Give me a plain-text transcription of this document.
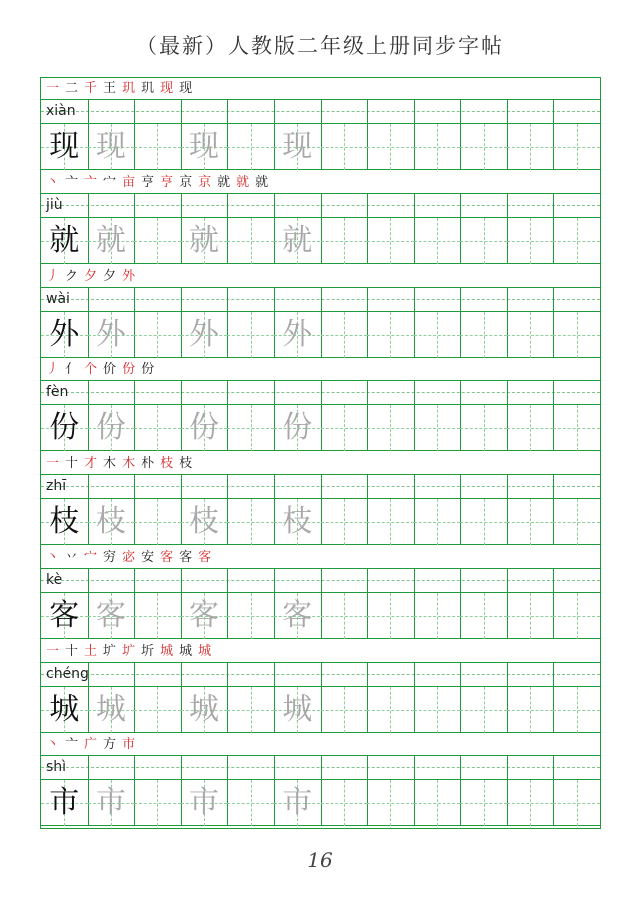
（最新）人教版二年级上册同步字帖
一 二 千 王 玑 玑 现 现
xiàn
现 现 现 现
丶 亠 亠 宀 亩 亨 亨 京 京 就 就 就
jiù
就 就 就 就
丿 ク 夕 夕 外
wài
外 外 外 外
丿 亻 个 价 份 份
fèn
份 份 份 份
一 十 才 木 木 朴 枝 枝
zhī
枝 枝 枝 枝
丶 丷 宀 穷 宓 安 客 客 客
kè
客 客 客 客
一 十 土 圹 圹 圻 城 城 城
chéng
城 城 城 城
丶 亠 广 方 市
shì
市 市 市 市
16
